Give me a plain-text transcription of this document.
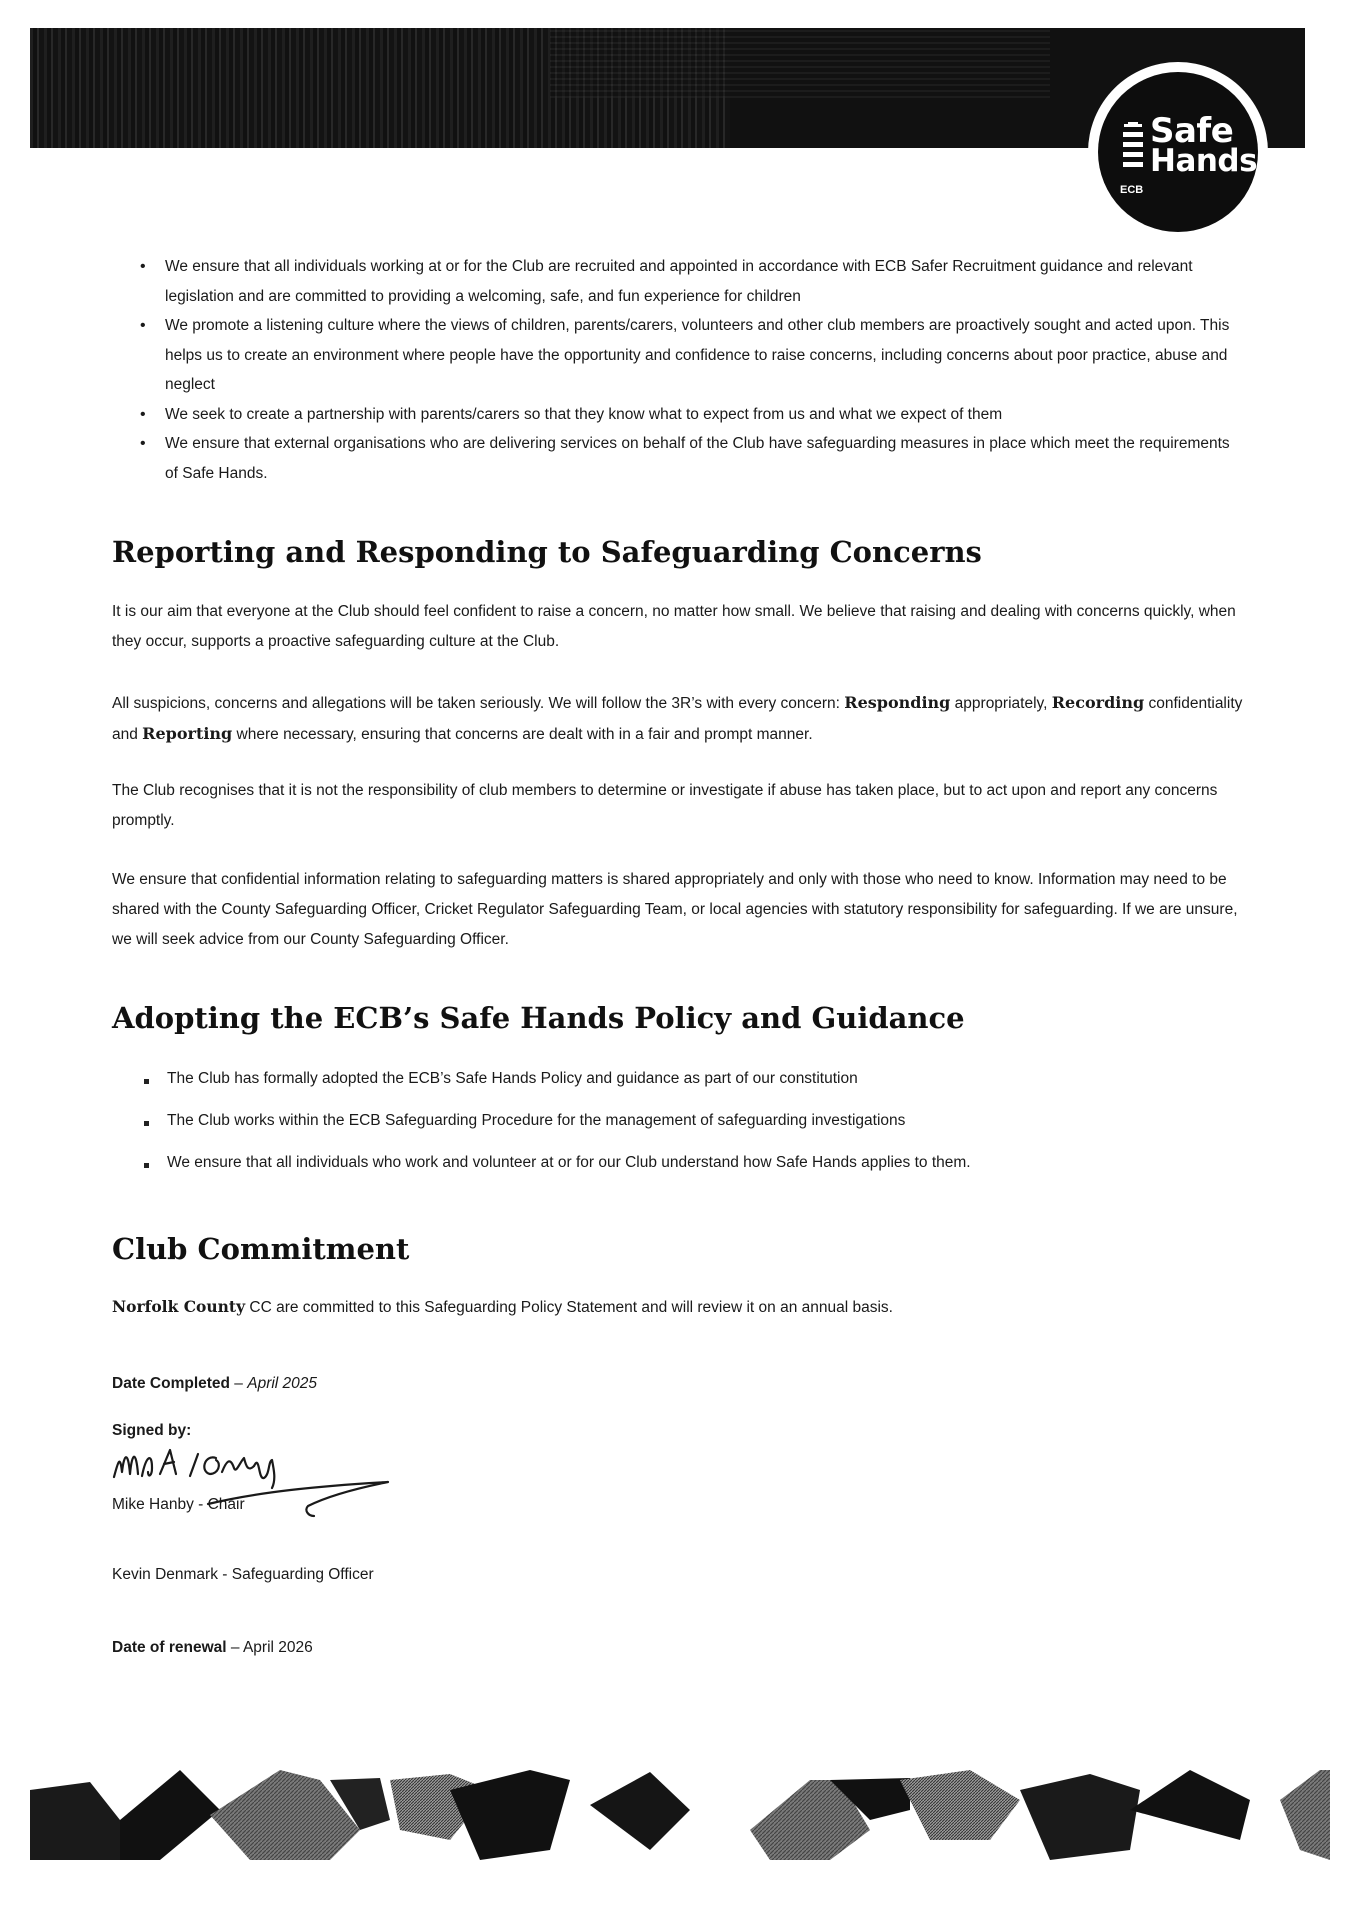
Safe
Hands
ECB
• We ensure that all individuals working at or for the Club are recruited and appointed in accordance with ECB Safer Recruitment guidance and relevant legislation and are committed to providing a welcoming, safe, and fun experience for children
• We promote a listening culture where the views of children, parents/carers, volunteers and other club members are proactively sought and acted upon. This helps us to create an environment where people have the opportunity and confidence to raise concerns, including concerns about poor practice, abuse and neglect
• We seek to create a partnership with parents/carers so that they know what to expect from us and what we expect of them
• We ensure that external organisations who are delivering services on behalf of the Club have safeguarding measures in place which meet the requirements of Safe Hands.
Reporting and Responding to Safeguarding Concerns

It is our aim that everyone at the Club should feel confident to raise a concern, no matter how small. We believe that raising and dealing with concerns quickly, when they occur, supports a proactive safeguarding culture at the Club.

All suspicions, concerns and allegations will be taken seriously. We will follow the 3R’s with every concern: Responding appropriately, Recording confidentiality and Reporting where necessary, ensuring that concerns are dealt with in a fair and prompt manner.

The Club recognises that it is not the responsibility of club members to determine or investigate if abuse has taken place, but to act upon and report any concerns promptly.

We ensure that confidential information relating to safeguarding matters is shared appropriately and only with those who need to know. Information may need to be shared with the County Safeguarding Officer, Cricket Regulator Safeguarding Team, or local agencies with statutory responsibility for safeguarding. If we are unsure, we will seek advice from our County Safeguarding Officer.

Adopting the ECB’s Safe Hands Policy and Guidance
The Club has formally adopted the ECB’s Safe Hands Policy and guidance as part of our constitution
The Club works within the ECB Safeguarding Procedure for the management of safeguarding investigations
We ensure that all individuals who work and volunteer at or for our Club understand how Safe Hands applies to them.
Club Commitment

Norfolk County CC are committed to this Safeguarding Policy Statement and will review it on an annual basis.

Date Completed – April 2025

Signed by:

Mike Hanby - Chair

Kevin Denmark - Safeguarding Officer

Date of renewal – April 2026
